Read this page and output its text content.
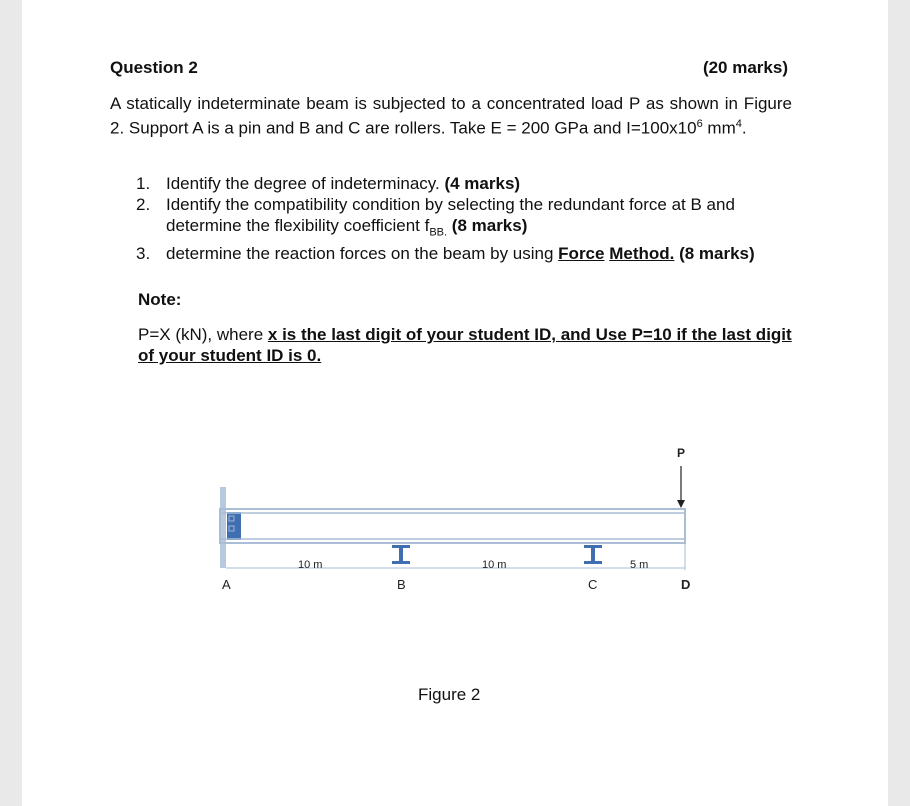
Question 2	(20 marks)
A statically indeterminate beam is subjected to a concentrated load P as shown in Figure 2. Support A is a pin and B and C are rollers. Take E = 200 GPa and $I=100x10^6$ $mm^4$.
1. Identify the degree of indeterminacy. (4 marks)
2. Identify the compatibility condition by selecting the redundant force at B and determine the flexibility coefficient $f_{BB.}$ (8 marks)
3. determine the reaction forces on the beam by using Force Method. (8 marks)
Note:
P=X (kN), where x is the last digit of your student ID, and Use P=10 if the last digit of your student ID is 0.
P
10 m	10 m	5 m
A	B	C	D
Figure 2
